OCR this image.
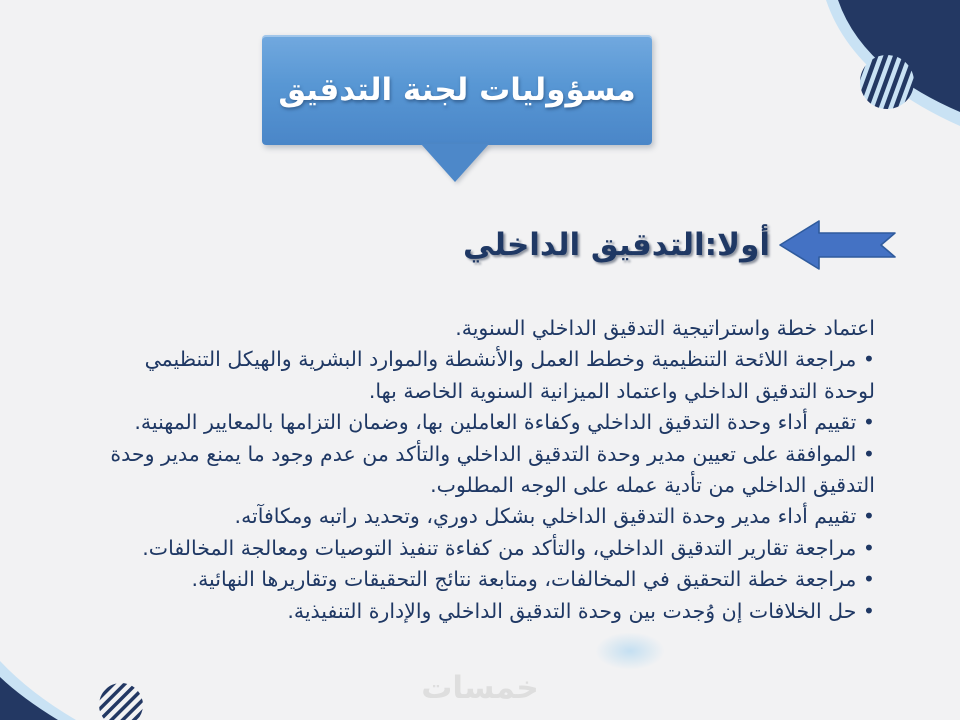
مسؤوليات لجنة التدقيق
أولا:التدقيق الداخلي
اعتماد خطة واستراتيجية التدقيق الداخلي السنوية.
• مراجعة اللائحة التنظيمية وخطط العمل والأنشطة والموارد البشرية والهيكل التنظيمي
لوحدة التدقيق الداخلي واعتماد الميزانية السنوية الخاصة بها.
• تقييم أداء وحدة التدقيق الداخلي وكفاءة العاملين بها، وضمان التزامها بالمعايير المهنية.
• الموافقة على تعيين مدير وحدة التدقيق الداخلي والتأكد من عدم وجود ما يمنع مدير وحدة
التدقيق الداخلي من تأدية عمله على الوجه المطلوب.
• تقييم أداء مدير وحدة التدقيق الداخلي بشكل دوري، وتحديد راتبه ومكافآته.
• مراجعة تقارير التدقيق الداخلي، والتأكد من كفاءة تنفيذ التوصيات ومعالجة المخالفات.
• مراجعة خطة التحقيق في المخالفات، ومتابعة نتائج التحقيقات وتقاريرها النهائية.
• حل الخلافات إن وُجدت بين وحدة التدقيق الداخلي والإدارة التنفيذية.
خمسات
